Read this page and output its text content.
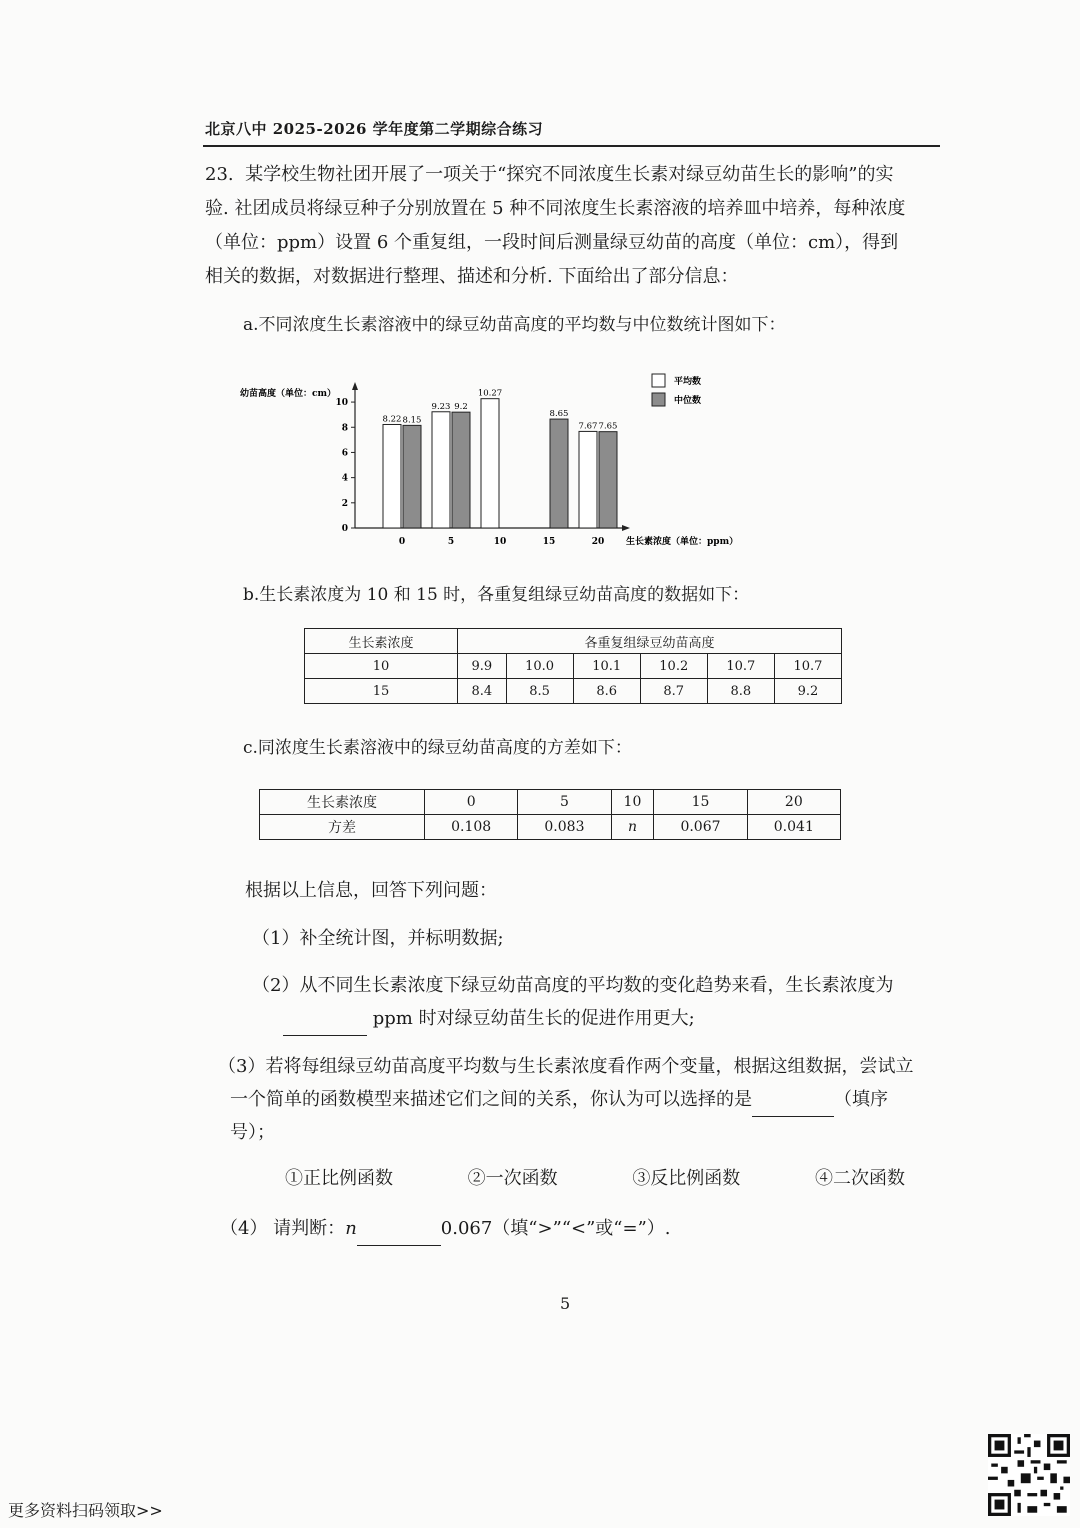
北京八中 2025-2026 学年度第二学期综合练习

23. 某学校生物社团开展了一项关于“探究不同浓度生长素对绿豆幼苗生长的影响”的实

验. 社团成员将绿豆种子分别放置在 5 种不同浓度生长素溶液的培养皿中培养，每种浓度

（单位：ppm）设置 6 个重复组，一段时间后测量绿豆幼苗的高度（单位：cm），得到

相关的数据，对数据进行整理、描述和分析. 下面给出了部分信息：

a.不同浓度生长素溶液中的绿豆幼苗高度的平均数与中位数统计图如下：
幼苗高度（单位：cm）
生长素浓度（单位：ppm）
0
2
4
6
8
10
0	5	10	15	20
8.22 8.15
9.23 9.2
10.27
8.65
7.67 7.65
平均数
中位数
b.生长素浓度为 10 和 15 时，各重复组绿豆幼苗高度的数据如下：
生长素浓度	各重复组绿豆幼苗高度					
10	9.9	10.0	10.1	10.2	10.7	10.7
15	8.4	8.5	8.6	8.7	8.8	9.2
c.同浓度生长素溶液中的绿豆幼苗高度的方差如下：
生长素浓度	0	5	10	15	20
方差	0.108	0.083	n	0.067	0.041
根据以上信息，回答下列问题：
（1）补全统计图，并标明数据;
（2）从不同生长素浓度下绿豆幼苗高度的平均数的变化趋势来看，生长素浓度为
ppm 时对绿豆幼苗生长的促进作用更大;
（3）若将每组绿豆幼苗高度平均数与生长素浓度看作两个变量，根据这组数据，尝试立
一个简单的函数模型来描述它们之间的关系，你认为可以选择的是	（填序
号）；
①正比例函数	②一次函数	③反比例函数	④二次函数
（4） 请判断：n	0.067（填“>”“<”或“=”）.
5
更多资料扫码领取>>
